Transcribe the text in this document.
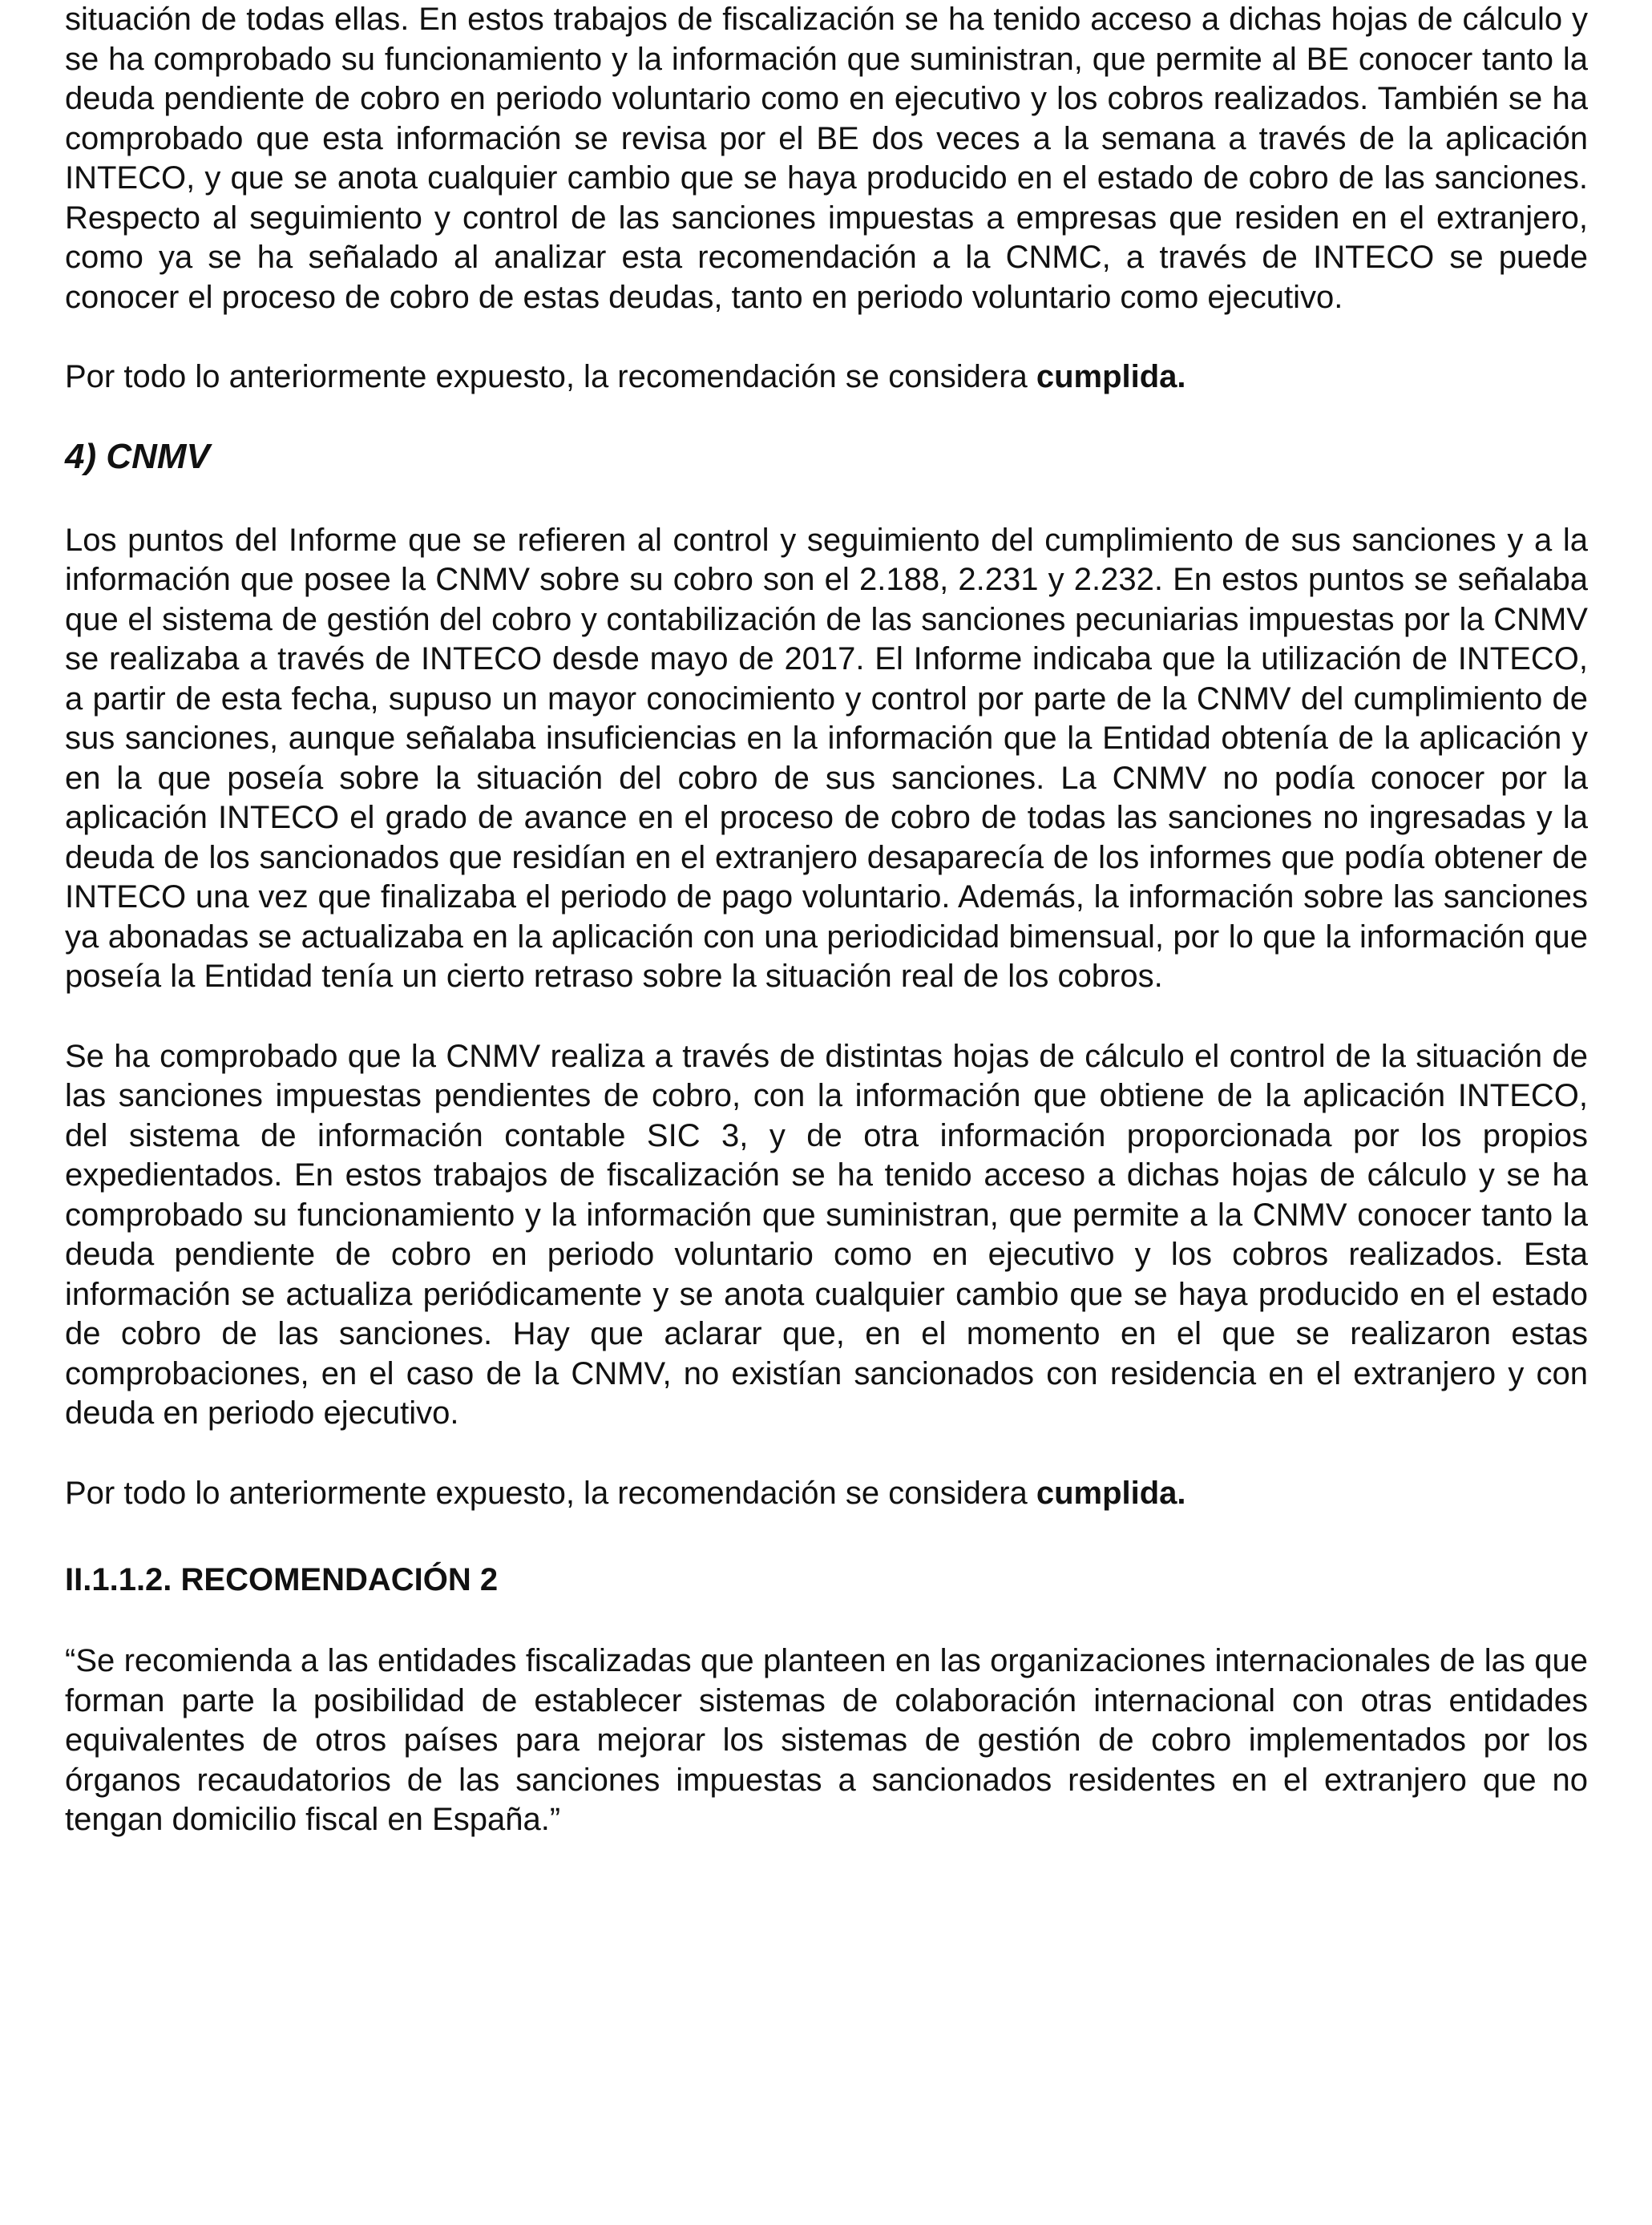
situación de todas ellas. En estos trabajos de fiscalización se ha tenido acceso a dichas hojas de cálculo y se ha comprobado su funcionamiento y la información que suministran, que permite al BE conocer tanto la deuda pendiente de cobro en periodo voluntario como en ejecutivo y los cobros realizados. También se ha comprobado que esta información se revisa por el BE dos veces a la semana a través de la aplicación INTECO, y que se anota cualquier cambio que se haya producido en el estado de cobro de las sanciones. Respecto al seguimiento y control de las sanciones impuestas a empresas que residen en el extranjero, como ya se ha señalado al analizar esta recomendación a la CNMC, a través de INTECO se puede conocer el proceso de cobro de estas deudas, tanto en periodo voluntario como ejecutivo.

Por todo lo anteriormente expuesto, la recomendación se considera cumplida.

4) CNMV

Los puntos del Informe que se refieren al control y seguimiento del cumplimiento de sus sanciones y a la información que posee la CNMV sobre su cobro son el 2.188, 2.231 y 2.232. En estos puntos se señalaba que el sistema de gestión del cobro y contabilización de las sanciones pecuniarias impuestas por la CNMV se realizaba a través de INTECO desde mayo de 2017. El Informe indicaba que la utilización de INTECO, a partir de esta fecha, supuso un mayor conocimiento y control por parte de la CNMV del cumplimiento de sus sanciones, aunque señalaba insuficiencias en la información que la Entidad obtenía de la aplicación y en la que poseía sobre la situación del cobro de sus sanciones. La CNMV no podía conocer por la aplicación INTECO el grado de avance en el proceso de cobro de todas las sanciones no ingresadas y la deuda de los sancionados que residían en el extranjero desaparecía de los informes que podía obtener de INTECO una vez que finalizaba el periodo de pago voluntario. Además, la información sobre las sanciones ya abonadas se actualizaba en la aplicación con una periodicidad bimensual, por lo que la información que poseía la Entidad tenía un cierto retraso sobre la situación real de los cobros.

Se ha comprobado que la CNMV realiza a través de distintas hojas de cálculo el control de la situación de las sanciones impuestas pendientes de cobro, con la información que obtiene de la aplicación INTECO, del sistema de información contable SIC 3, y de otra información proporcionada por los propios expedientados. En estos trabajos de fiscalización se ha tenido acceso a dichas hojas de cálculo y se ha comprobado su funcionamiento y la información que suministran, que permite a la CNMV conocer tanto la deuda pendiente de cobro en periodo voluntario como en ejecutivo y los cobros realizados. Esta información se actualiza periódicamente y se anota cualquier cambio que se haya producido en el estado de cobro de las sanciones. Hay que aclarar que, en el momento en el que se realizaron estas comprobaciones, en el caso de la CNMV, no existían sancionados con residencia en el extranjero y con deuda en periodo ejecutivo.

Por todo lo anteriormente expuesto, la recomendación se considera cumplida.

II.1.1.2. RECOMENDACIÓN 2

“Se recomienda a las entidades fiscalizadas que planteen en las organizaciones internacionales de las que forman parte la posibilidad de establecer sistemas de colaboración internacional con otras entidades equivalentes de otros países para mejorar los sistemas de gestión de cobro implementados por los órganos recaudatorios de las sanciones impuestas a sancionados residentes en el extranjero que no tengan domicilio fiscal en España.”
